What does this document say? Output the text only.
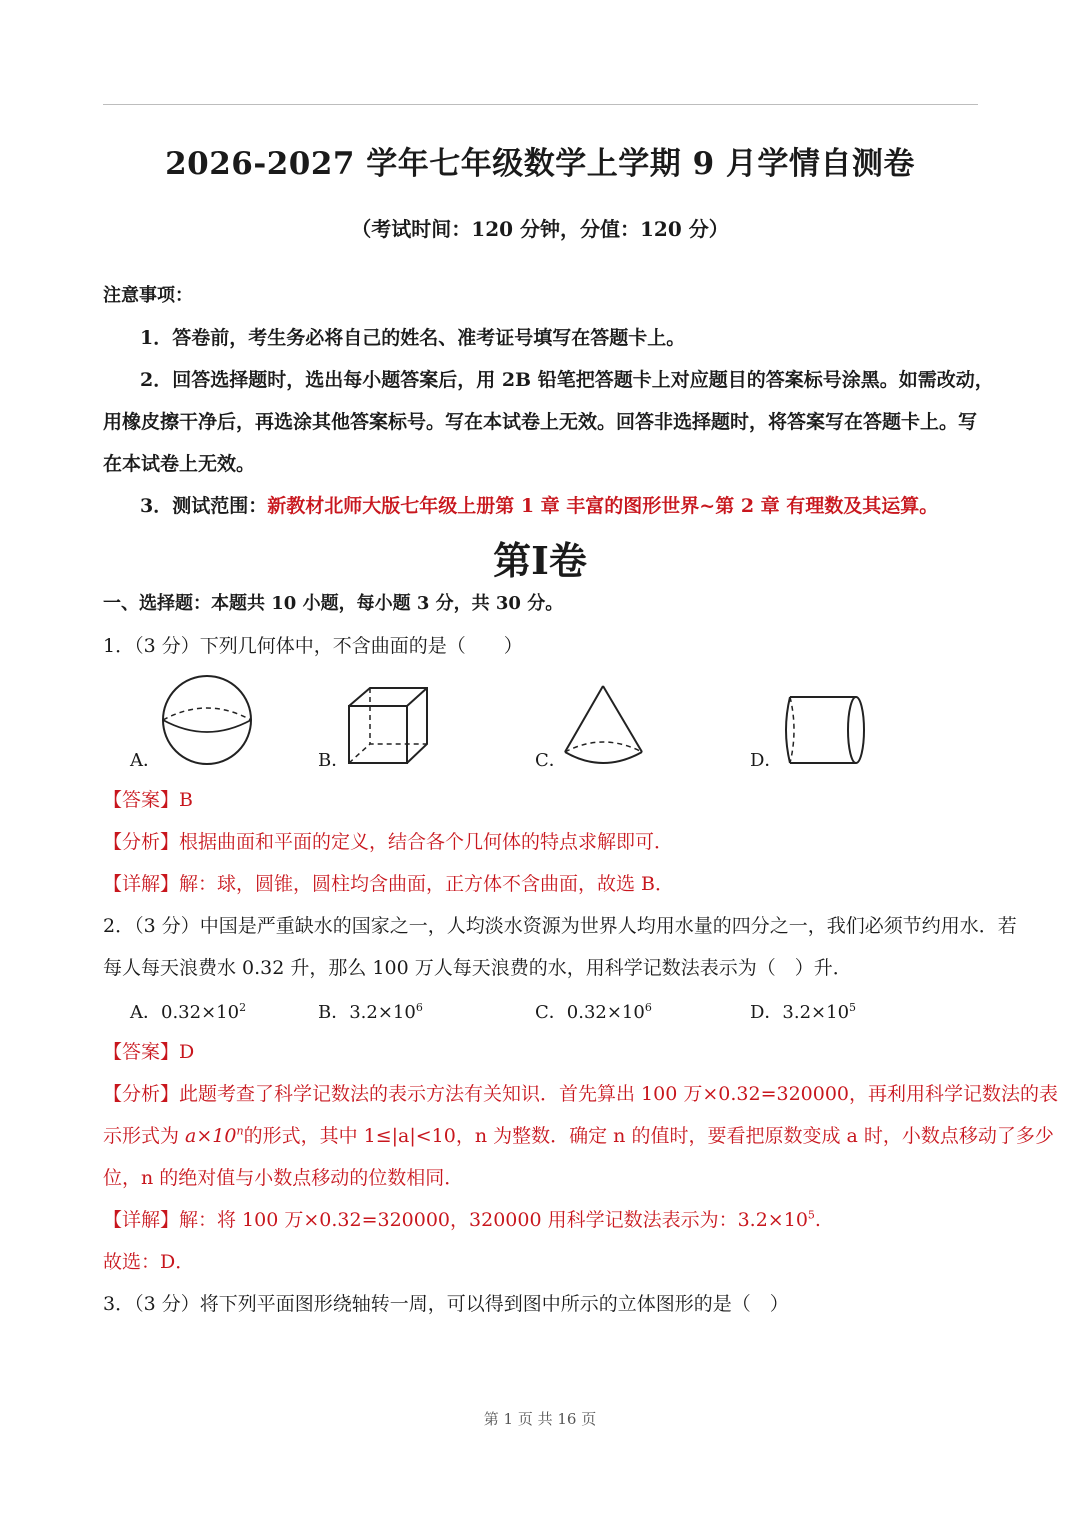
2026-2027 学年七年级数学上学期 9 月学情自测卷
（考试时间：120 分钟，分值：120 分）
注意事项：
1．答卷前，考生务必将自己的姓名、准考证号填写在答题卡上。
2．回答选择题时，选出每小题答案后，用 2B 铅笔把答题卡上对应题目的答案标号涂黑。如需改动，
用橡皮擦干净后，再选涂其他答案标号。写在本试卷上无效。回答非选择题时，将答案写在答题卡上。写
在本试卷上无效。
3．测试范围：新教材北师大版七年级上册第 1 章 丰富的图形世界~第 2 章 有理数及其运算。
第Ⅰ卷
一、选择题：本题共 10 小题，每小题 3 分，共 30 分。
1．（3 分）下列几何体中，不含曲面的是（　　）
A．	B．	C．	D．
【答案】B
【分析】根据曲面和平面的定义，结合各个几何体的特点求解即可．
【详解】解：球，圆锥，圆柱均含曲面，正方体不含曲面，故选 B．
2．（3 分）中国是严重缺水的国家之一，人均淡水资源为世界人均用水量的四分之一，我们必须节约用水．若
每人每天浪费水 0.32 升，那么 100 万人每天浪费的水，用科学记数法表示为（　）升．
A．$0.32\times 10^2$	B．$3.2\times 10^6$	C．$0.32\times 10^6$	D．$3.2\times 10^5$
【答案】D
【分析】此题考查了科学记数法的表示方法有关知识．首先算出 100 万×0.32=320000，再利用科学记数法的表
示形式为 $a\times 10^n$的形式，其中 1≤|a|<10，n 为整数．确定 n 的值时，要看把原数变成 a 时，小数点移动了多少
位，n 的绝对值与小数点移动的位数相同．
【详解】解：将 100 万×0.32=320000，320000 用科学记数法表示为：$3.2\times 10^5$.
故选：D．
3．（3 分）将下列平面图形绕轴转一周，可以得到图中所示的立体图形的是（　）
第 1 页 共 16 页
